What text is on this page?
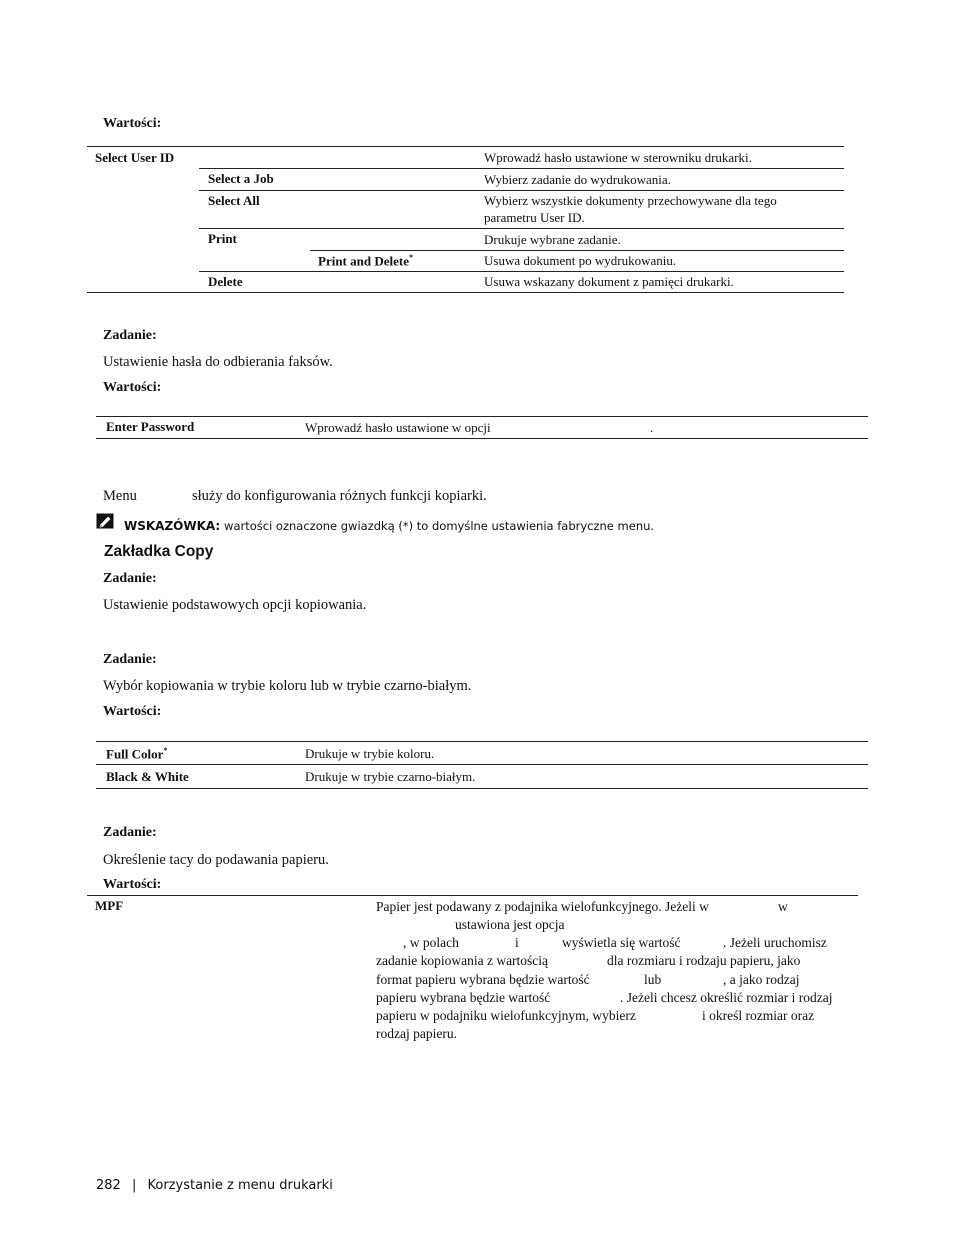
Wartości:
Select User ID	Wprowadź hasło ustawione w sterowniku drukarki.
Select a Job	Wybierz zadanie do wydrukowania.
Select All	Wybierz wszystkie dokumenty przechowywane dla tego
parametru User ID.
Print	Drukuje wybrane zadanie.
Print and Delete*	Usuwa dokument po wydrukowaniu.
Delete	Usuwa wskazany dokument z pamięci drukarki.
Zadanie:
Ustawienie hasła do odbierania faksów.
Wartości:
Enter Password	Wprowadź hasło ustawione w opcji	.
Menu	służy do konfigurowania różnych funkcji kopiarki.
WSKAZÓWKA: wartości oznaczone gwiazdką (*) to domyślne ustawienia fabryczne menu.
Zakładka Copy
Zadanie:
Ustawienie podstawowych opcji kopiowania.
Zadanie:
Wybór kopiowania w trybie koloru lub w trybie czarno-białym.
Wartości:
Full Color*	Drukuje w trybie koloru.
Black & White	Drukuje w trybie czarno-białym.
Zadanie:
Określenie tacy do podawania papieru.
Wartości:
MPF	Papier jest podawany z podajnika wielofunkcyjnego. Jeżeli w	w
ustawiona jest opcja
, w polach	i	wyświetla się wartość	. Jeżeli uruchomisz
zadanie kopiowania z wartością	dla rozmiaru i rodzaju papieru, jako
format papieru wybrana będzie wartość	lub	, a jako rodzaj
papieru wybrana będzie wartość	. Jeżeli chcesz określić rozmiar i rodzaj
papieru w podajniku wielofunkcyjnym, wybierz	i określ rozmiar oraz
rodzaj papieru.
282 | Korzystanie z menu drukarki
